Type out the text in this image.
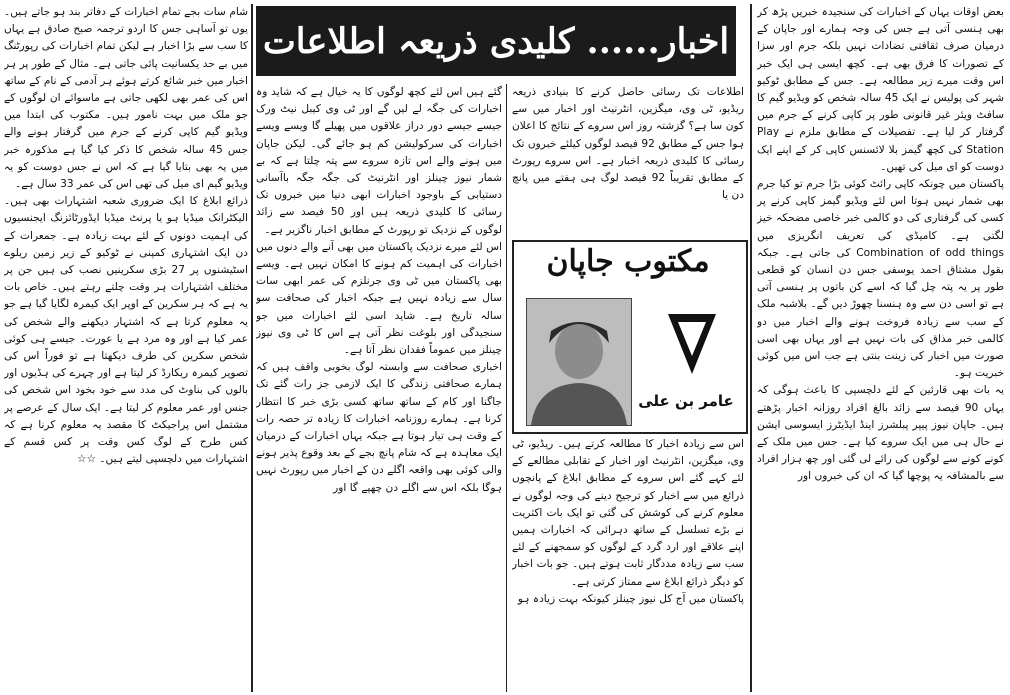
اخبار...... کلیدی ذریعہ اطلاعات

بعض اوقات یہاں کے اخبارات کی سنجیدہ خبریں پڑھ کر بھی ہنسی آتی ہے جس کی وجہ ہمارے اور جاپان کے درمیان صرف ثقافتی تضادات نہیں بلکہ جرم اور سزا کے تصورات کا فرق بھی ہے۔ کچھ ایسی ہی ایک خبر اس وقت میرے زیر مطالعہ ہے۔ جس کے مطابق ٹوکیو شہر کی پولیس نے ایک 45 سالہ شخص کو ویڈیو گیم کا سافٹ ویئر غیر قانونی طور پر کاپی کرنے کے جرم میں گرفتار کر لیا ہے۔ تفصیلات کے مطابق ملزم نے Play Station کی کچھ گیمز بلا لائسنس کاپی کر کے اپنے ایک دوست کو ای میل کی تھیں۔

پاکستان میں چونکہ کاپی رائٹ کوئی بڑا جرم تو کیا جرم بھی شمار نہیں ہوتا اس لئے ویڈیو گیمز کاپی کرنے پر کسی کی گرفتاری کی دو کالمی خبر خاصی مضحکہ خیز لگتی ہے۔ کامیڈی کی تعریف انگریزی میں Combination of odd things کی جاتی ہے۔ جبکہ بقول مشتاق احمد یوسفی جس دن انسان کو قطعی طور پر یہ پتہ چل گیا کہ اسے کن باتوں پر ہنسی آتی ہے تو اسی دن سے وہ ہنسنا چھوڑ دیں گے۔ بلاشبہ ملک کے سب سے زیادہ فروخت ہونے والے اخبار میں دو کالمی خبر مذاق کی بات نہیں ہے اور یہاں بھی اسی صورت میں اخبار کی زینت بنتی ہے جب اس میں کوئی خبریت ہو۔

یہ بات بھی قارئین کے لئے دلچسپی کا باعث ہوگی کہ یہاں 90 فیصد سے زائد بالغ افراد روزانہ اخبار پڑھتے ہیں۔ جاپان نیوز پیپر پبلشرز اینڈ ایڈیٹرز ایسوسی ایشن نے حال ہی میں ایک سروے کیا ہے۔ جس میں ملک کے کونے کونے سے لوگوں کی رائے لی گئی اور چھ ہزار افراد سے بالمشافہ یہ پوچھا گیا کہ ان کی خبروں اور

اطلاعات تک رسائی حاصل کرنے کا بنیادی ذریعہ ریڈیو، ٹی وی، میگزین، انٹرنیٹ اور اخبار میں سے کون سا ہے؟ گزشتہ روز اس سروے کے نتائج کا اعلان ہوا جس کے مطابق 92 فیصد لوگوں کیلئے خبروں تک رسائی کا کلیدی ذریعہ اخبار ہے۔ اس سروے رپورٹ کے مطابق تقریباً 92 فیصد لوگ ہی ہفتے میں پانچ دن یا

مکتوب جاپان
عامر بن علی

اس سے زیادہ اخبار کا مطالعہ کرتے ہیں۔ ریڈیو، ٹی وی، میگزین، انٹرنیٹ اور اخبار کے تقابلی مطالعے کے لئے کہے گئے اس سروے کے مطابق ابلاغ کے پانچوں ذرائع میں سے اخبار کو ترجیح دینے کی وجہ لوگوں نے معلوم کرنے کی کوشش کی گئی تو ایک بات اکثریت نے بڑے تسلسل کے ساتھ دہرائی کہ اخبارات ہمیں اپنے علاقے اور ارد گرد کے لوگوں کو سمجھنے کے لئے سب سے زیادہ مددگار ثابت ہوتے ہیں۔ جو بات اخبار کو دیگر ذرائع ابلاغ سے ممتاز کرتی ہے۔

پاکستان میں آج کل نیوز چینلز کیونکہ بہت زیادہ ہو

گئے ہیں اس لئے کچھ لوگوں کا یہ خیال ہے کہ شاید وہ اخبارات کی جگہ لے لیں گے اور ٹی وی کیبل نیٹ ورک جیسے جیسے دور دراز علاقوں میں پھیلے گا ویسے ویسے اخبارات کی سرکولیشن کم ہو جائے گی۔ لیکن جاپان میں ہونے والے اس تازہ سروے سے پتہ چلتا ہے کہ بے شمار نیوز چینلز اور انٹرنیٹ کی جگہ جگہ باآسانی دستیابی کے باوجود اخبارات ابھی دنیا میں خبروں تک رسائی کا کلیدی ذریعہ ہیں اور 50 فیصد سے زائد لوگوں کے نزدیک تو رپورٹ کے مطابق اخبار ناگزیر ہے۔

اس لئے میرے نزدیک پاکستان میں بھی آنے والے دنوں میں اخبارات کی اہمیت کم ہونے کا امکان نہیں ہے۔ ویسے بھی پاکستان میں ٹی وی جرنلزم کی عمر ابھی سات سال سے زیادہ نہیں ہے جبکہ اخبار کی صحافت سو سالہ تاریخ ہے۔ شاید اسی لئے اخبارات میں جو سنجیدگی اور بلوغت نظر آتی ہے اس کا ٹی وی نیوز چینلز میں عموماً فقدان نظر آتا ہے۔

اخباری صحافت سے وابستہ لوگ بخوبی واقف ہیں کہ ہمارے صحافتی زندگی کا ایک لازمی جز رات گئے تک جاگنا اور کام کے ساتھ ساتھ کسی بڑی خبر کا انتظار کرنا ہے۔ ہمارے روزنامہ اخبارات کا زیادہ تر حصہ رات کے وقت ہی تیار ہوتا ہے جبکہ یہاں اخبارات کے درمیان ایک معاہدہ ہے کہ شام پانچ بجے کے بعد وقوع پذیر ہونے والی کوئی بھی واقعہ اگلے دن کے اخبار میں رپورٹ نہیں ہوگا بلکہ اس سے اگلے دن چھپے گا اور

شام سات بجے تمام اخبارات کے دفاتر بند ہو جاتے ہیں۔ یوں تو آساہی جس کا اردو ترجمہ صبح صادق ہے یہاں کا سب سے بڑا اخبار ہے لیکن تمام اخبارات کی رپورٹنگ میں بے حد یکسانیت پائی جاتی ہے۔ مثال کے طور پر ہر اخبار میں خبر شائع کرتے ہوئے ہر آدمی کے نام کے ساتھ اس کی عمر بھی لکھی جاتی ہے ماسوائے ان لوگوں کے جو ملک میں بہت نامور ہیں۔ مکتوب کی ابتدا میں ویڈیو گیم کاپی کرنے کے جرم میں گرفتار ہونے والے جس 45 سالہ شخص کا ذکر کیا گیا ہے مذکورہ خبر میں یہ بھی بتایا گیا ہے کہ اس نے جس دوست کو یہ ویڈیو گیم ای میل کی تھی اس کی عمر 33 سال ہے۔

ذرائع ابلاغ کا ایک ضروری شعبہ اشتہارات بھی ہیں۔ الیکٹرانک میڈیا ہو یا پرنٹ میڈیا ایڈورٹائزنگ ایجنسیوں کی اہمیت دونوں کے لئے بہت زیادہ ہے۔ جمعرات کے دن ایک اشتہاری کمپنی نے ٹوکیو کے زیر زمین ریلوے اسٹیشنوں پر 27 بڑی سکرینیں نصب کی ہیں جن پر مختلف اشتہارات ہر وقت چلتے رہتے ہیں۔ خاص بات یہ ہے کہ ہر سکرین کے اوپر ایک کیمرہ لگایا گیا ہے جو یہ معلوم کرتا ہے کہ اشتہار دیکھنے والے شخص کی عمر کیا ہے اور وہ مرد ہے یا عورت۔ جیسے ہی کوئی شخص سکرین کی طرف دیکھتا ہے تو فوراً اس کی تصویر کیمرہ ریکارڈ کر لیتا ہے اور چہرے کی ہڈیوں اور بالوں کی بناوٹ کی مدد سے خود بخود اس شخص کی جنس اور عمر معلوم کر لیتا ہے۔ ایک سال کے عرصے پر مشتمل اس پراجیکٹ کا مقصد یہ معلوم کرنا ہے کہ کس طرح کے لوگ کس وقت پر کس قسم کے اشتہارات میں دلچسپی لیتے ہیں۔ ☆☆
